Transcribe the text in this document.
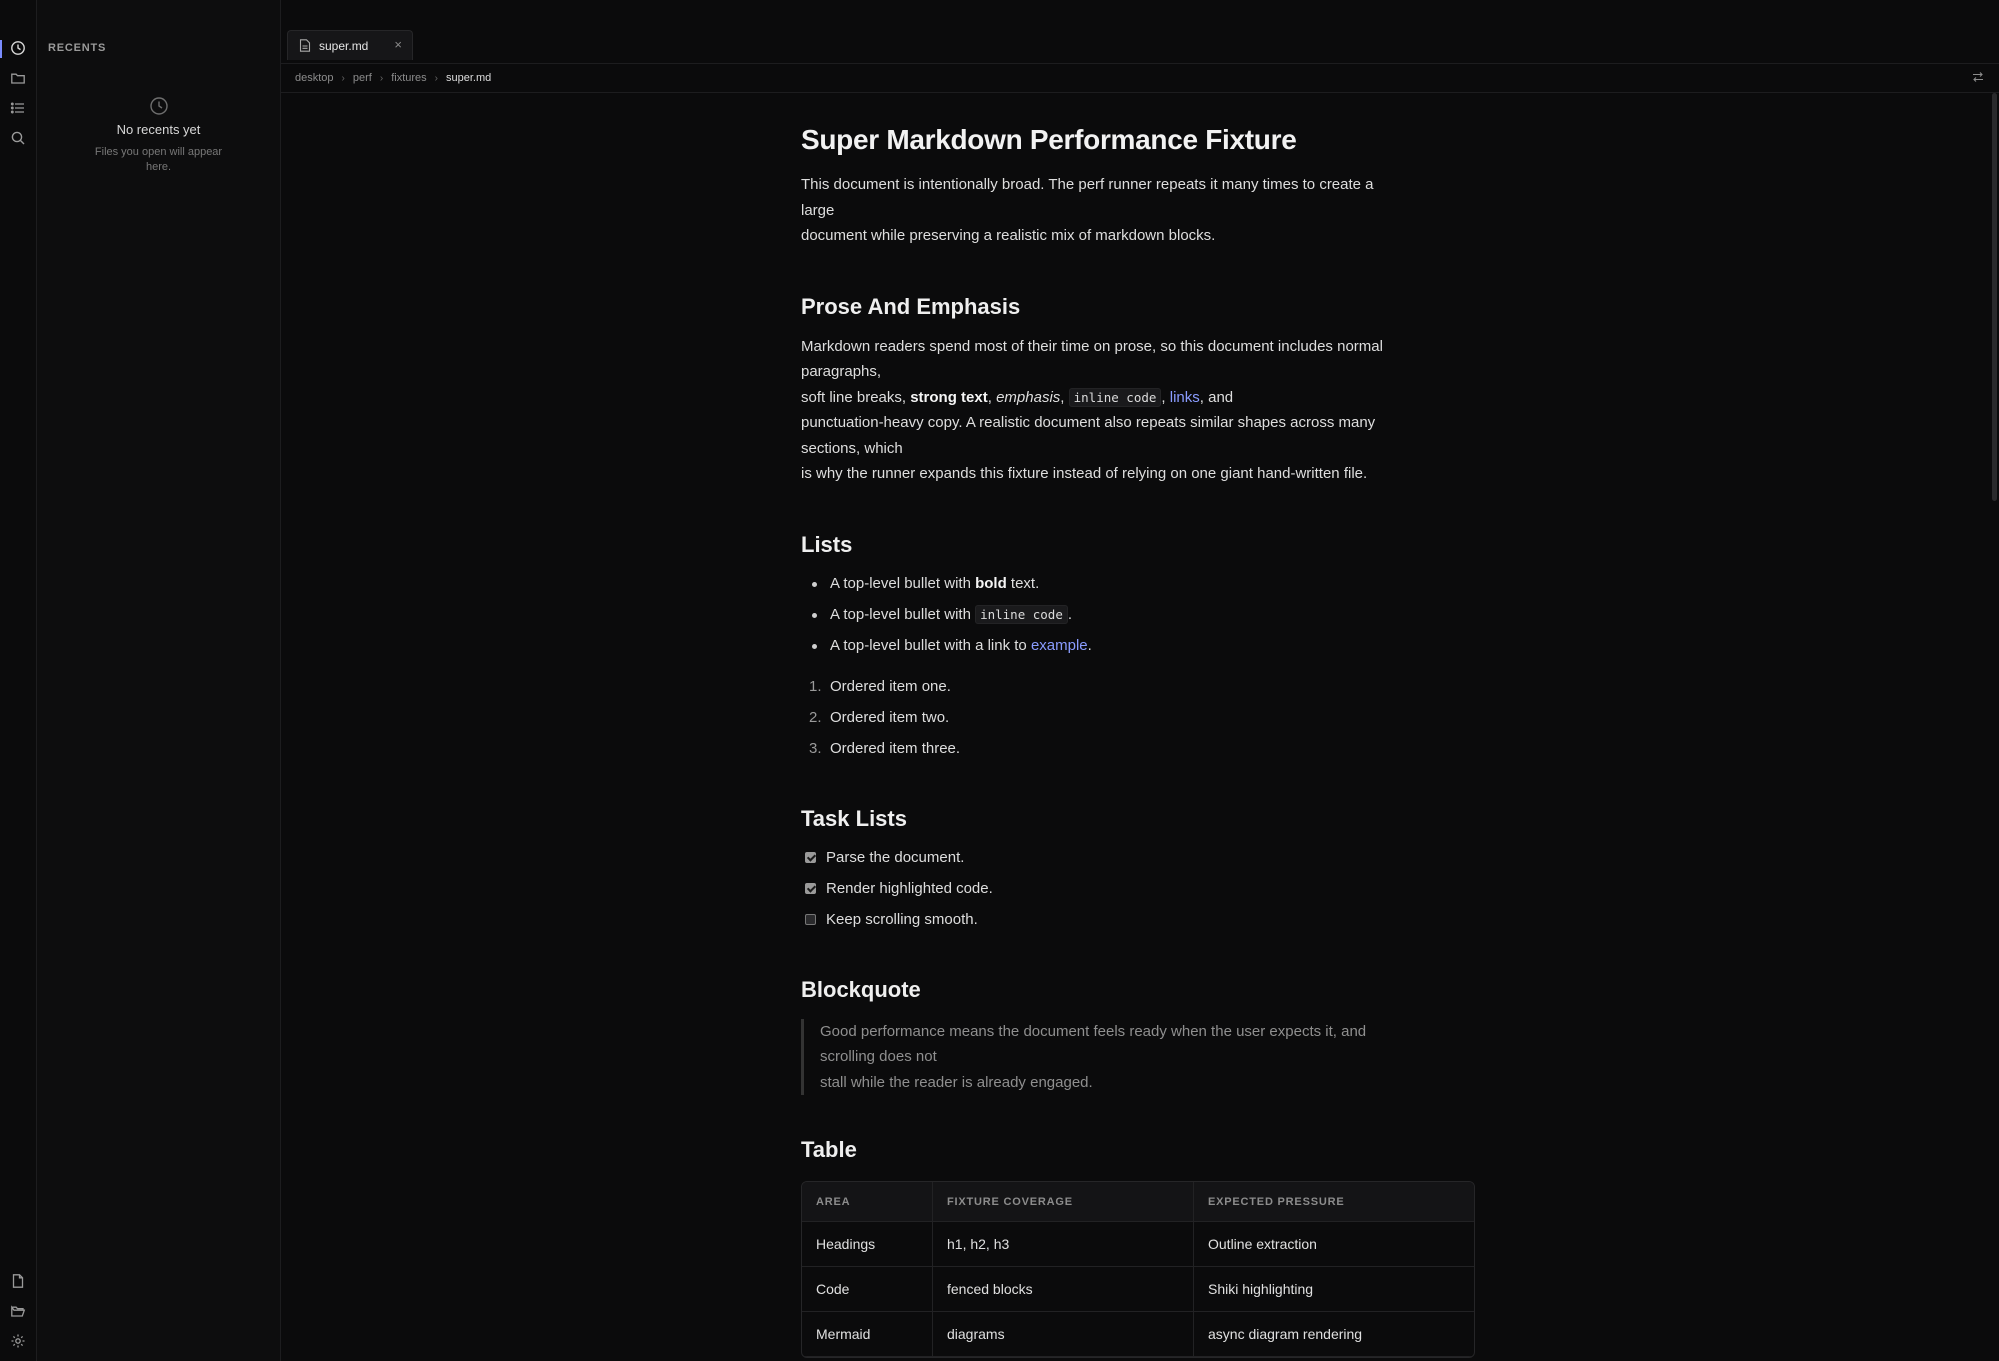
RECENTS
No recents yet
Files you open will appear here.
super.md ×
desktop › perf › fixtures › super.md
Super Markdown Performance Fixture

This document is intentionally broad. The perf runner repeats it many times to create a
large
document while preserving a realistic mix of markdown blocks.

Prose And Emphasis

Markdown readers spend most of their time on prose, so this document includes normal
paragraphs,
soft line breaks, strong text, emphasis, inline code , links, and
punctuation-heavy copy. A realistic document also repeats similar shapes across many
sections, which
is why the runner expands this fixture instead of relying on one giant hand-written file.

Lists
A top-level bullet with bold text.
A top-level bullet with inline code .
A top-level bullet with a link to example.
1. Ordered item one.
2. Ordered item two.
3. Ordered item three.
Task Lists
Parse the document.
Render highlighted code.
Keep scrolling smooth.
Blockquote
Good performance means the document feels ready when the user expects it, and
scrolling does not
stall while the reader is already engaged.
Table
AREA	FIXTURE COVERAGE	EXPECTED PRESSURE
Headings	h1, h2, h3	Outline extraction
Code	fenced blocks	Shiki highlighting
Mermaid	diagrams	async diagram rendering
